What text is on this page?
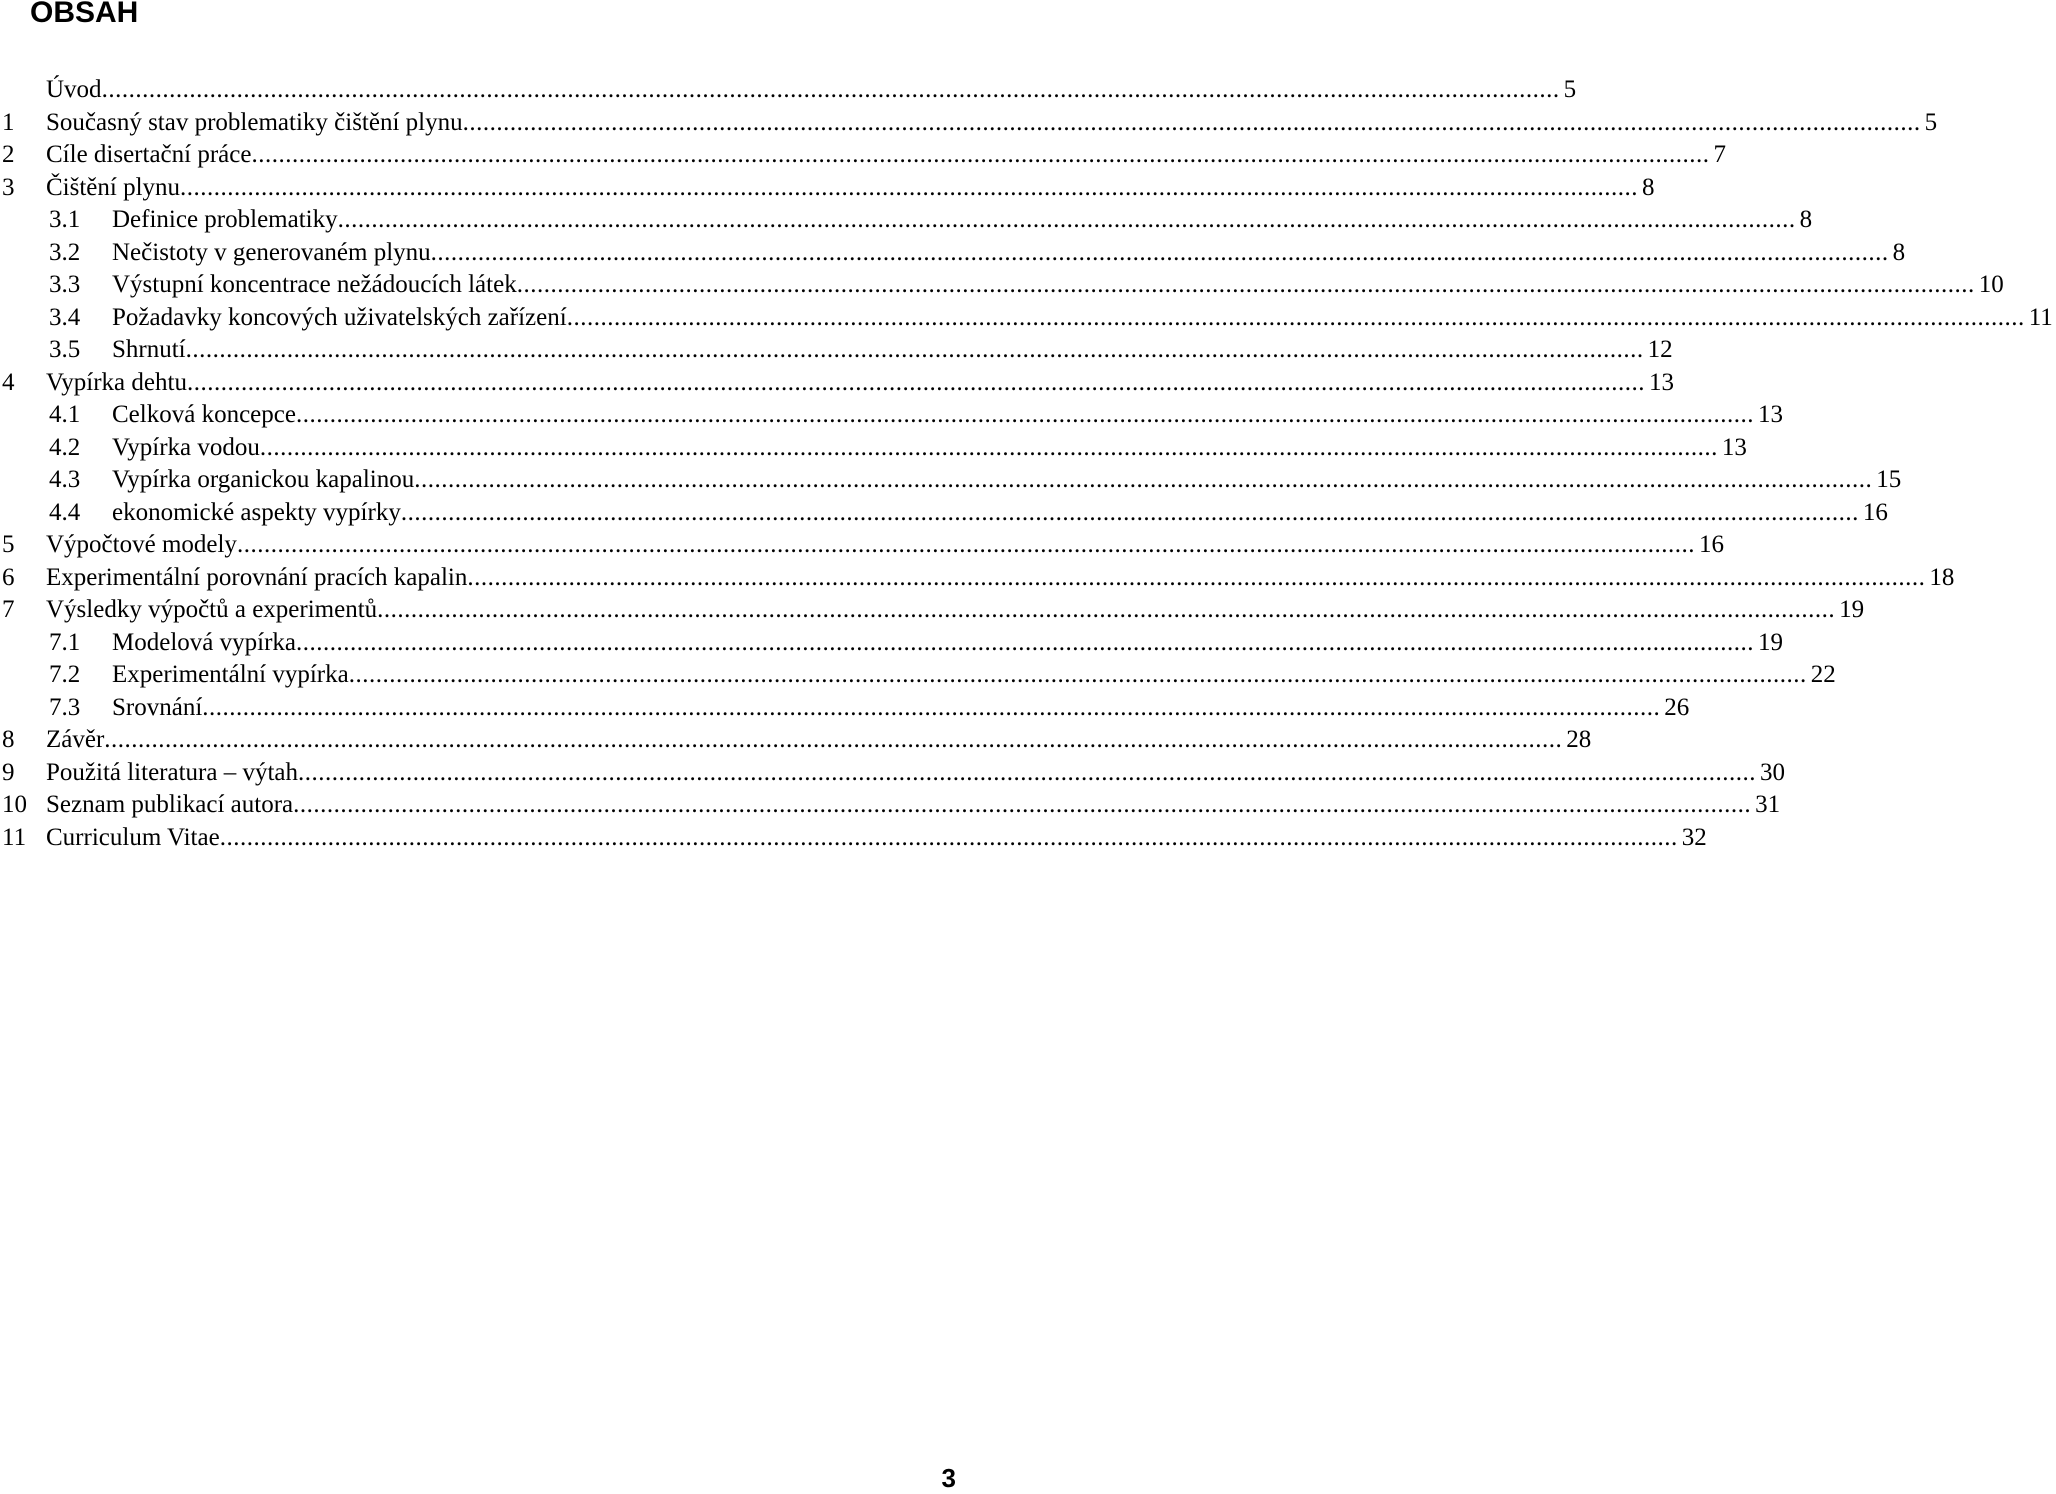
OBSAH
Úvod ........................................................................................................................................................................................................................ 5
1 Současný stav problematiky čištění plynu ........................................................................................................................................................................................................................ 5
2 Cíle disertační práce ........................................................................................................................................................................................................................ 7
3 Čištění plynu ........................................................................................................................................................................................................................ 8
3.1 Definice problematiky ........................................................................................................................................................................................................................ 8
3.2 Nečistoty v generovaném plynu ........................................................................................................................................................................................................................ 8
3.3 Výstupní koncentrace nežádoucích látek ........................................................................................................................................................................................................................ 10
3.4 Požadavky koncových uživatelských zařízení ........................................................................................................................................................................................................................ 11
3.5 Shrnutí ........................................................................................................................................................................................................................ 12
4 Vypírka dehtu ........................................................................................................................................................................................................................ 13
4.1 Celková koncepce ........................................................................................................................................................................................................................ 13
4.2 Vypírka vodou ........................................................................................................................................................................................................................ 13
4.3 Vypírka organickou kapalinou ........................................................................................................................................................................................................................ 15
4.4 ekonomické aspekty vypírky ........................................................................................................................................................................................................................ 16
5 Výpočtové modely ........................................................................................................................................................................................................................ 16
6 Experimentální porovnání pracích kapalin ........................................................................................................................................................................................................................ 18
7 Výsledky výpočtů a experimentů ........................................................................................................................................................................................................................ 19
7.1 Modelová vypírka ........................................................................................................................................................................................................................ 19
7.2 Experimentální vypírka ........................................................................................................................................................................................................................ 22
7.3 Srovnání ........................................................................................................................................................................................................................ 26
8 Závěr ........................................................................................................................................................................................................................ 28
9 Použitá literatura – výtah ........................................................................................................................................................................................................................ 30
10 Seznam publikací autora ........................................................................................................................................................................................................................ 31
11 Curriculum Vitae ........................................................................................................................................................................................................................ 32
3
